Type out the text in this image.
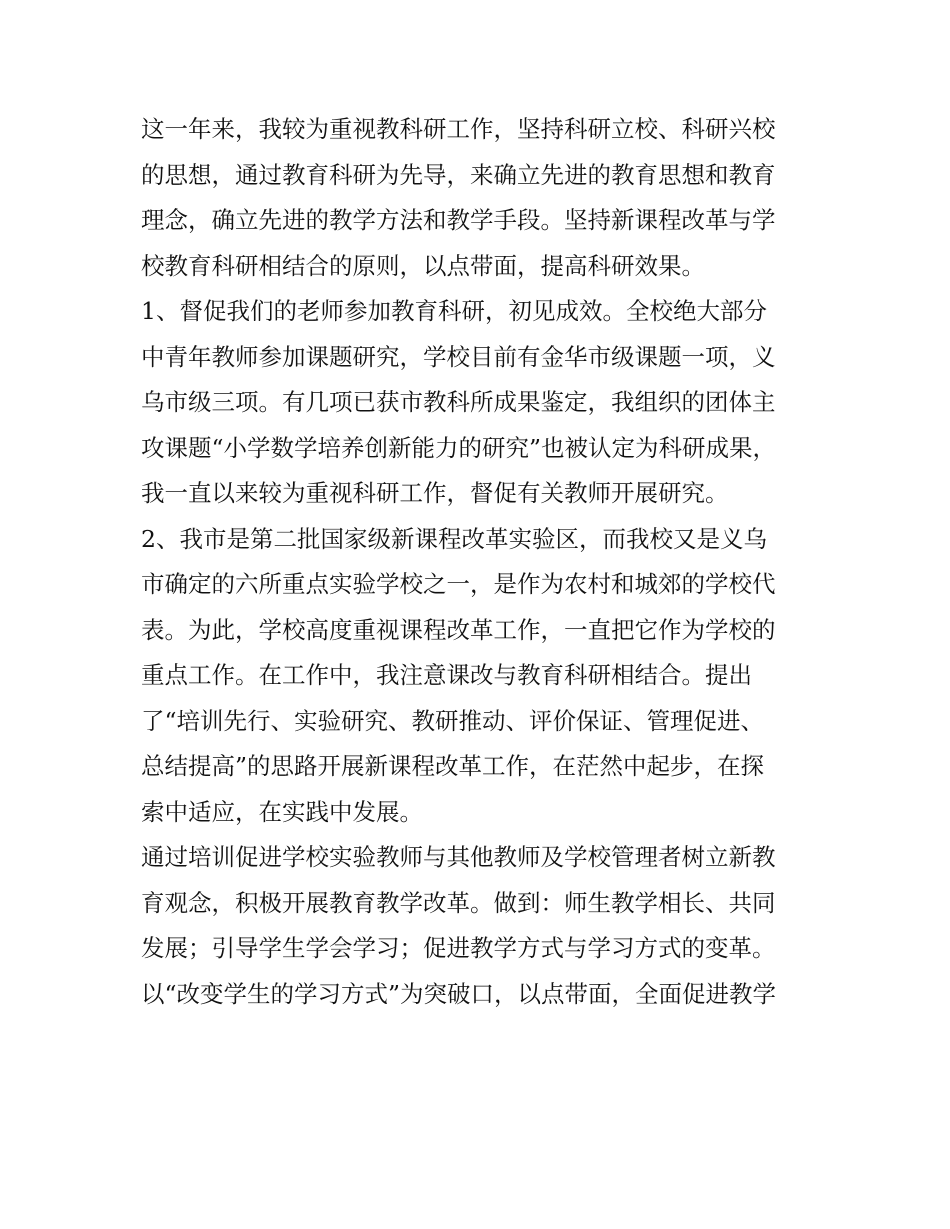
这一年来，我较为重视教科研工作，坚持科研立校、科研兴校
的思想，通过教育科研为先导，来确立先进的教育思想和教育
理念，确立先进的教学方法和教学手段。坚持新课程改革与学
校教育科研相结合的原则，以点带面，提高科研效果。
1、督促我们的老师参加教育科研，初见成效。全校绝大部分
中青年教师参加课题研究，学校目前有金华市级课题一项，义
乌市级三项。有几项已获市教科所成果鉴定，我组织的团体主
攻课题“小学数学培养创新能力的研究”也被认定为科研成果，
我一直以来较为重视科研工作，督促有关教师开展研究。
2、我市是第二批国家级新课程改革实验区，而我校又是义乌
市确定的六所重点实验学校之一，是作为农村和城郊的学校代
表。为此，学校高度重视课程改革工作，一直把它作为学校的
重点工作。在工作中，我注意课改与教育科研相结合。提出
了“培训先行、实验研究、教研推动、评价保证、管理促进、
总结提高”的思路开展新课程改革工作，在茫然中起步，在探
索中适应，在实践中发展。
通过培训促进学校实验教师与其他教师及学校管理者树立新教
育观念，积极开展教育教学改革。做到：师生教学相长、共同
发展；引导学生学会学习；促进教学方式与学习方式的变革。
以“改变学生的学习方式”为突破口，以点带面，全面促进教学
